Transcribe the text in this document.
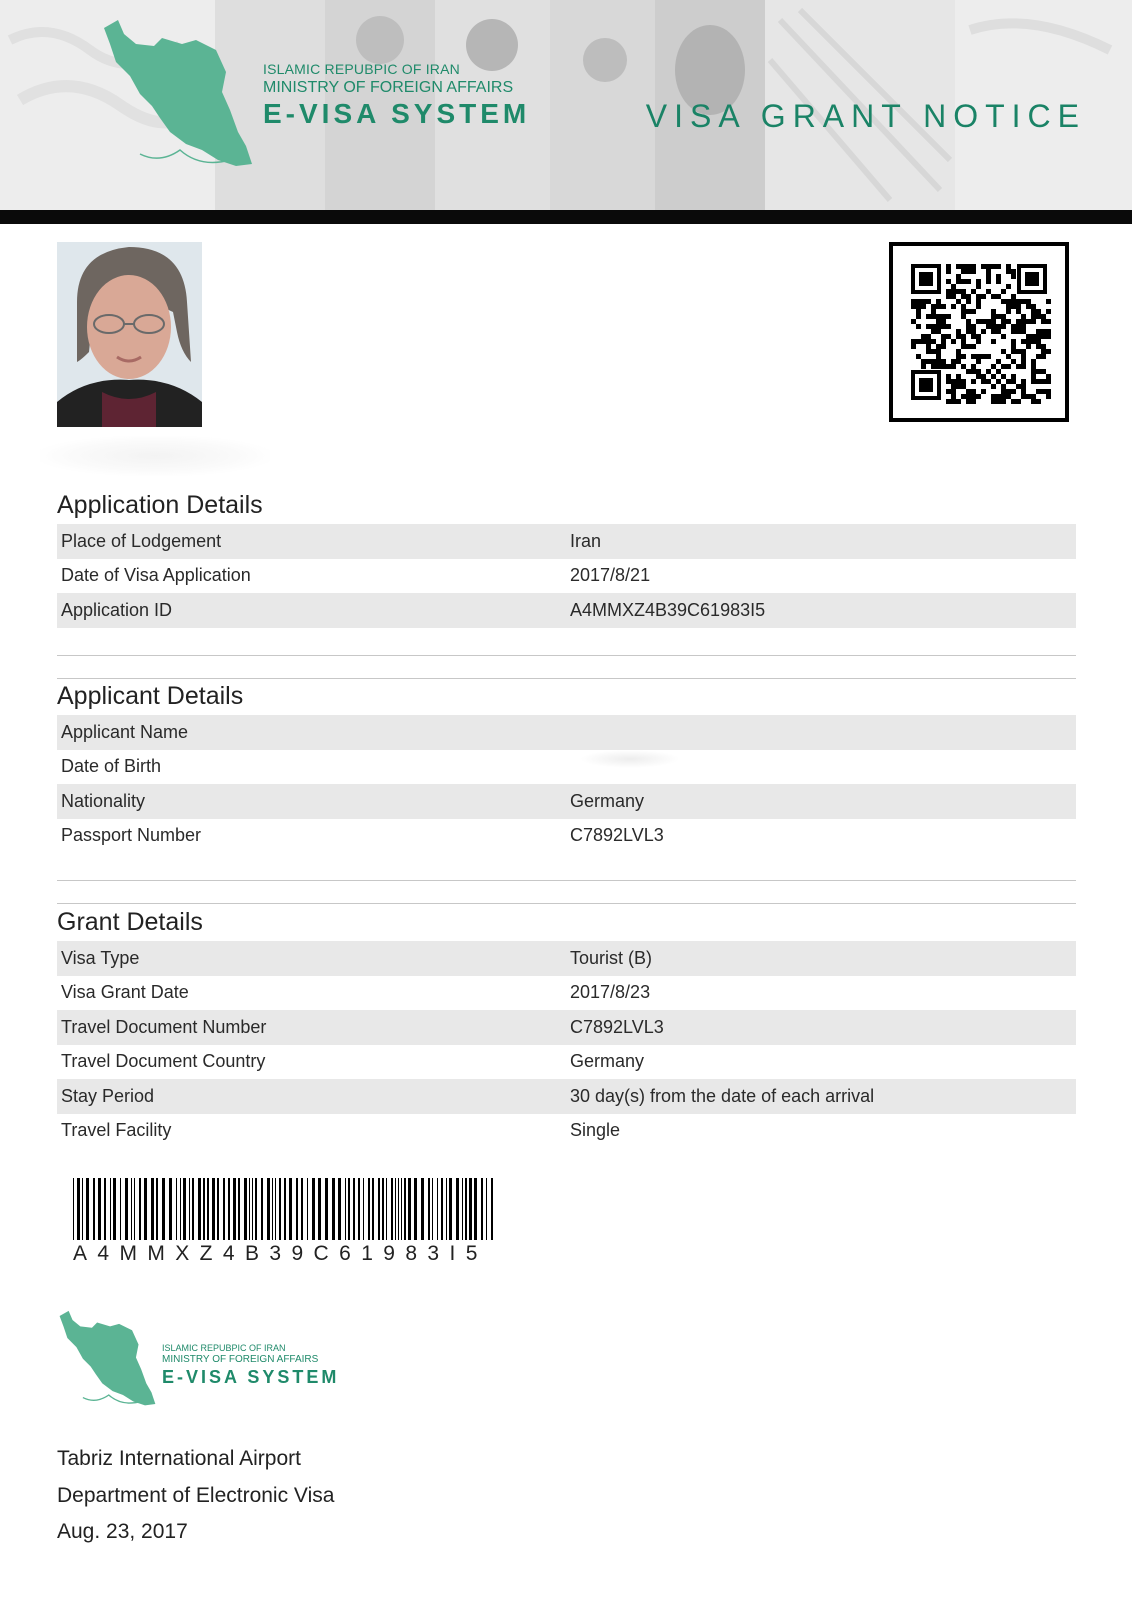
ISLAMIC REPUBPIC OF IRAN
MINISTRY OF FOREIGN AFFAIRS
E-VISA SYSTEM	VISA GRANT NOTICE
Application Details
Place of Lodgement	Iran
Date of Visa Application	2017/8/21
Application ID	A4MMXZ4B39C61983I5
Applicant Details
Applicant Name
Date of Birth
Nationality	Germany
Passport Number	C7892LVL3
Grant Details
Visa Type	Tourist (B)
Visa Grant Date	2017/8/23
Travel Document Number	C7892LVL3
Travel Document Country	Germany
Stay Period	30 day(s) from the date of each arrival
Travel Facility	Single
A4MMXZ4B39C61983I5
ISLAMIC REPUBPIC OF IRAN
MINISTRY OF FOREIGN AFFAIRS
E-VISA SYSTEM
Tabriz International Airport
Department of Electronic Visa
Aug. 23, 2017
